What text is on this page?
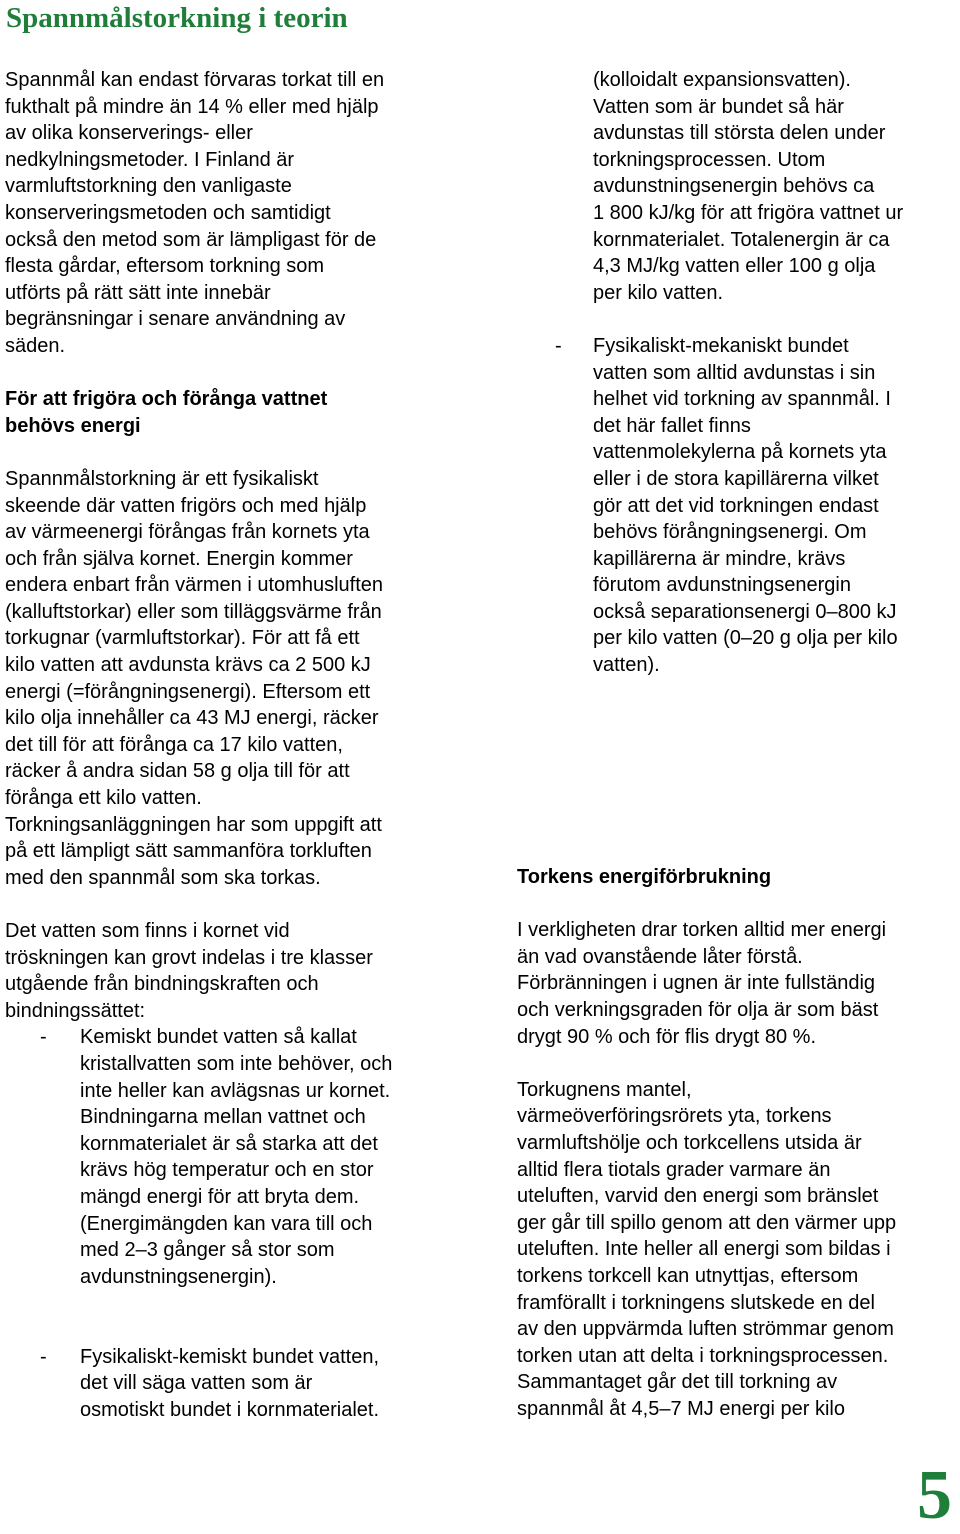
Spannmålstorkning i teorin
Spannmål kan endast förvaras torkat till en
fukthalt på mindre än 14 % eller med hjälp
av olika konserverings- eller
nedkylningsmetoder. I Finland är
varmluftstorkning den vanligaste
konserveringsmetoden och samtidigt
också den metod som är lämpligast för de
flesta gårdar, eftersom torkning som
utförts på rätt sätt inte innebär
begränsningar i senare användning av
säden.
För att frigöra och förånga vattnet
behövs energi
Spannmålstorkning är ett fysikaliskt
skeende där vatten frigörs och med hjälp
av värmeenergi förångas från kornets yta
och från själva kornet. Energin kommer
endera enbart från värmen i utomhusluften
(kalluftstorkar) eller som tilläggsvärme från
torkugnar (varmluftstorkar). För att få ett
kilo vatten att avdunsta krävs ca 2 500 kJ
energi (=förångningsenergi). Eftersom ett
kilo olja innehåller ca 43 MJ energi, räcker
det till för att förånga ca 17 kilo vatten,
räcker å andra sidan 58 g olja till för att
förånga ett kilo vatten.
Torkningsanläggningen har som uppgift att
på ett lämpligt sätt sammanföra torkluften
med den spannmål som ska torkas.
Det vatten som finns i kornet vid
tröskningen kan grovt indelas i tre klasser
utgående från bindningskraften och
bindningssättet:
- Kemiskt bundet vatten så kallat
kristallvatten som inte behöver, och
inte heller kan avlägsnas ur kornet.
Bindningarna mellan vattnet och
kornmaterialet är så starka att det
krävs hög temperatur och en stor
mängd energi för att bryta dem.
(Energimängden kan vara till och
med 2–3 gånger så stor som
avdunstningsenergin).
- Fysikaliskt-kemiskt bundet vatten,
det vill säga vatten som är
osmotiskt bundet i kornmaterialet.
(kolloidalt expansionsvatten).
Vatten som är bundet så här
avdunstas till största delen under
torkningsprocessen. Utom
avdunstningsenergin behövs ca
1 800 kJ/kg för att frigöra vattnet ur
kornmaterialet. Totalenergin är ca
4,3 MJ/kg vatten eller 100 g olja
per kilo vatten.
- Fysikaliskt-mekaniskt bundet
vatten som alltid avdunstas i sin
helhet vid torkning av spannmål. I
det här fallet finns
vattenmolekylerna på kornets yta
eller i de stora kapillärerna vilket
gör att det vid torkningen endast
behövs förångningsenergi. Om
kapillärerna är mindre, krävs
förutom avdunstningsenergin
också separationsenergi 0–800 kJ
per kilo vatten (0–20 g olja per kilo
vatten).
Torkens energiförbrukning
I verkligheten drar torken alltid mer energi
än vad ovanstående låter förstå.
Förbränningen i ugnen är inte fullständig
och verkningsgraden för olja är som bäst
drygt 90 % och för flis drygt 80 %.
Torkugnens mantel,
värmeöverföringsrörets yta, torkens
varmluftshölje och torkcellens utsida är
alltid flera tiotals grader varmare än
uteluften, varvid den energi som bränslet
ger går till spillo genom att den värmer upp
uteluften. Inte heller all energi som bildas i
torkens torkcell kan utnyttjas, eftersom
framförallt i torkningens slutskede en del
av den uppvärmda luften strömmar genom
torken utan att delta i torkningsprocessen.
Sammantaget går det till torkning av
spannmål åt 4,5–7 MJ energi per kilo
5
